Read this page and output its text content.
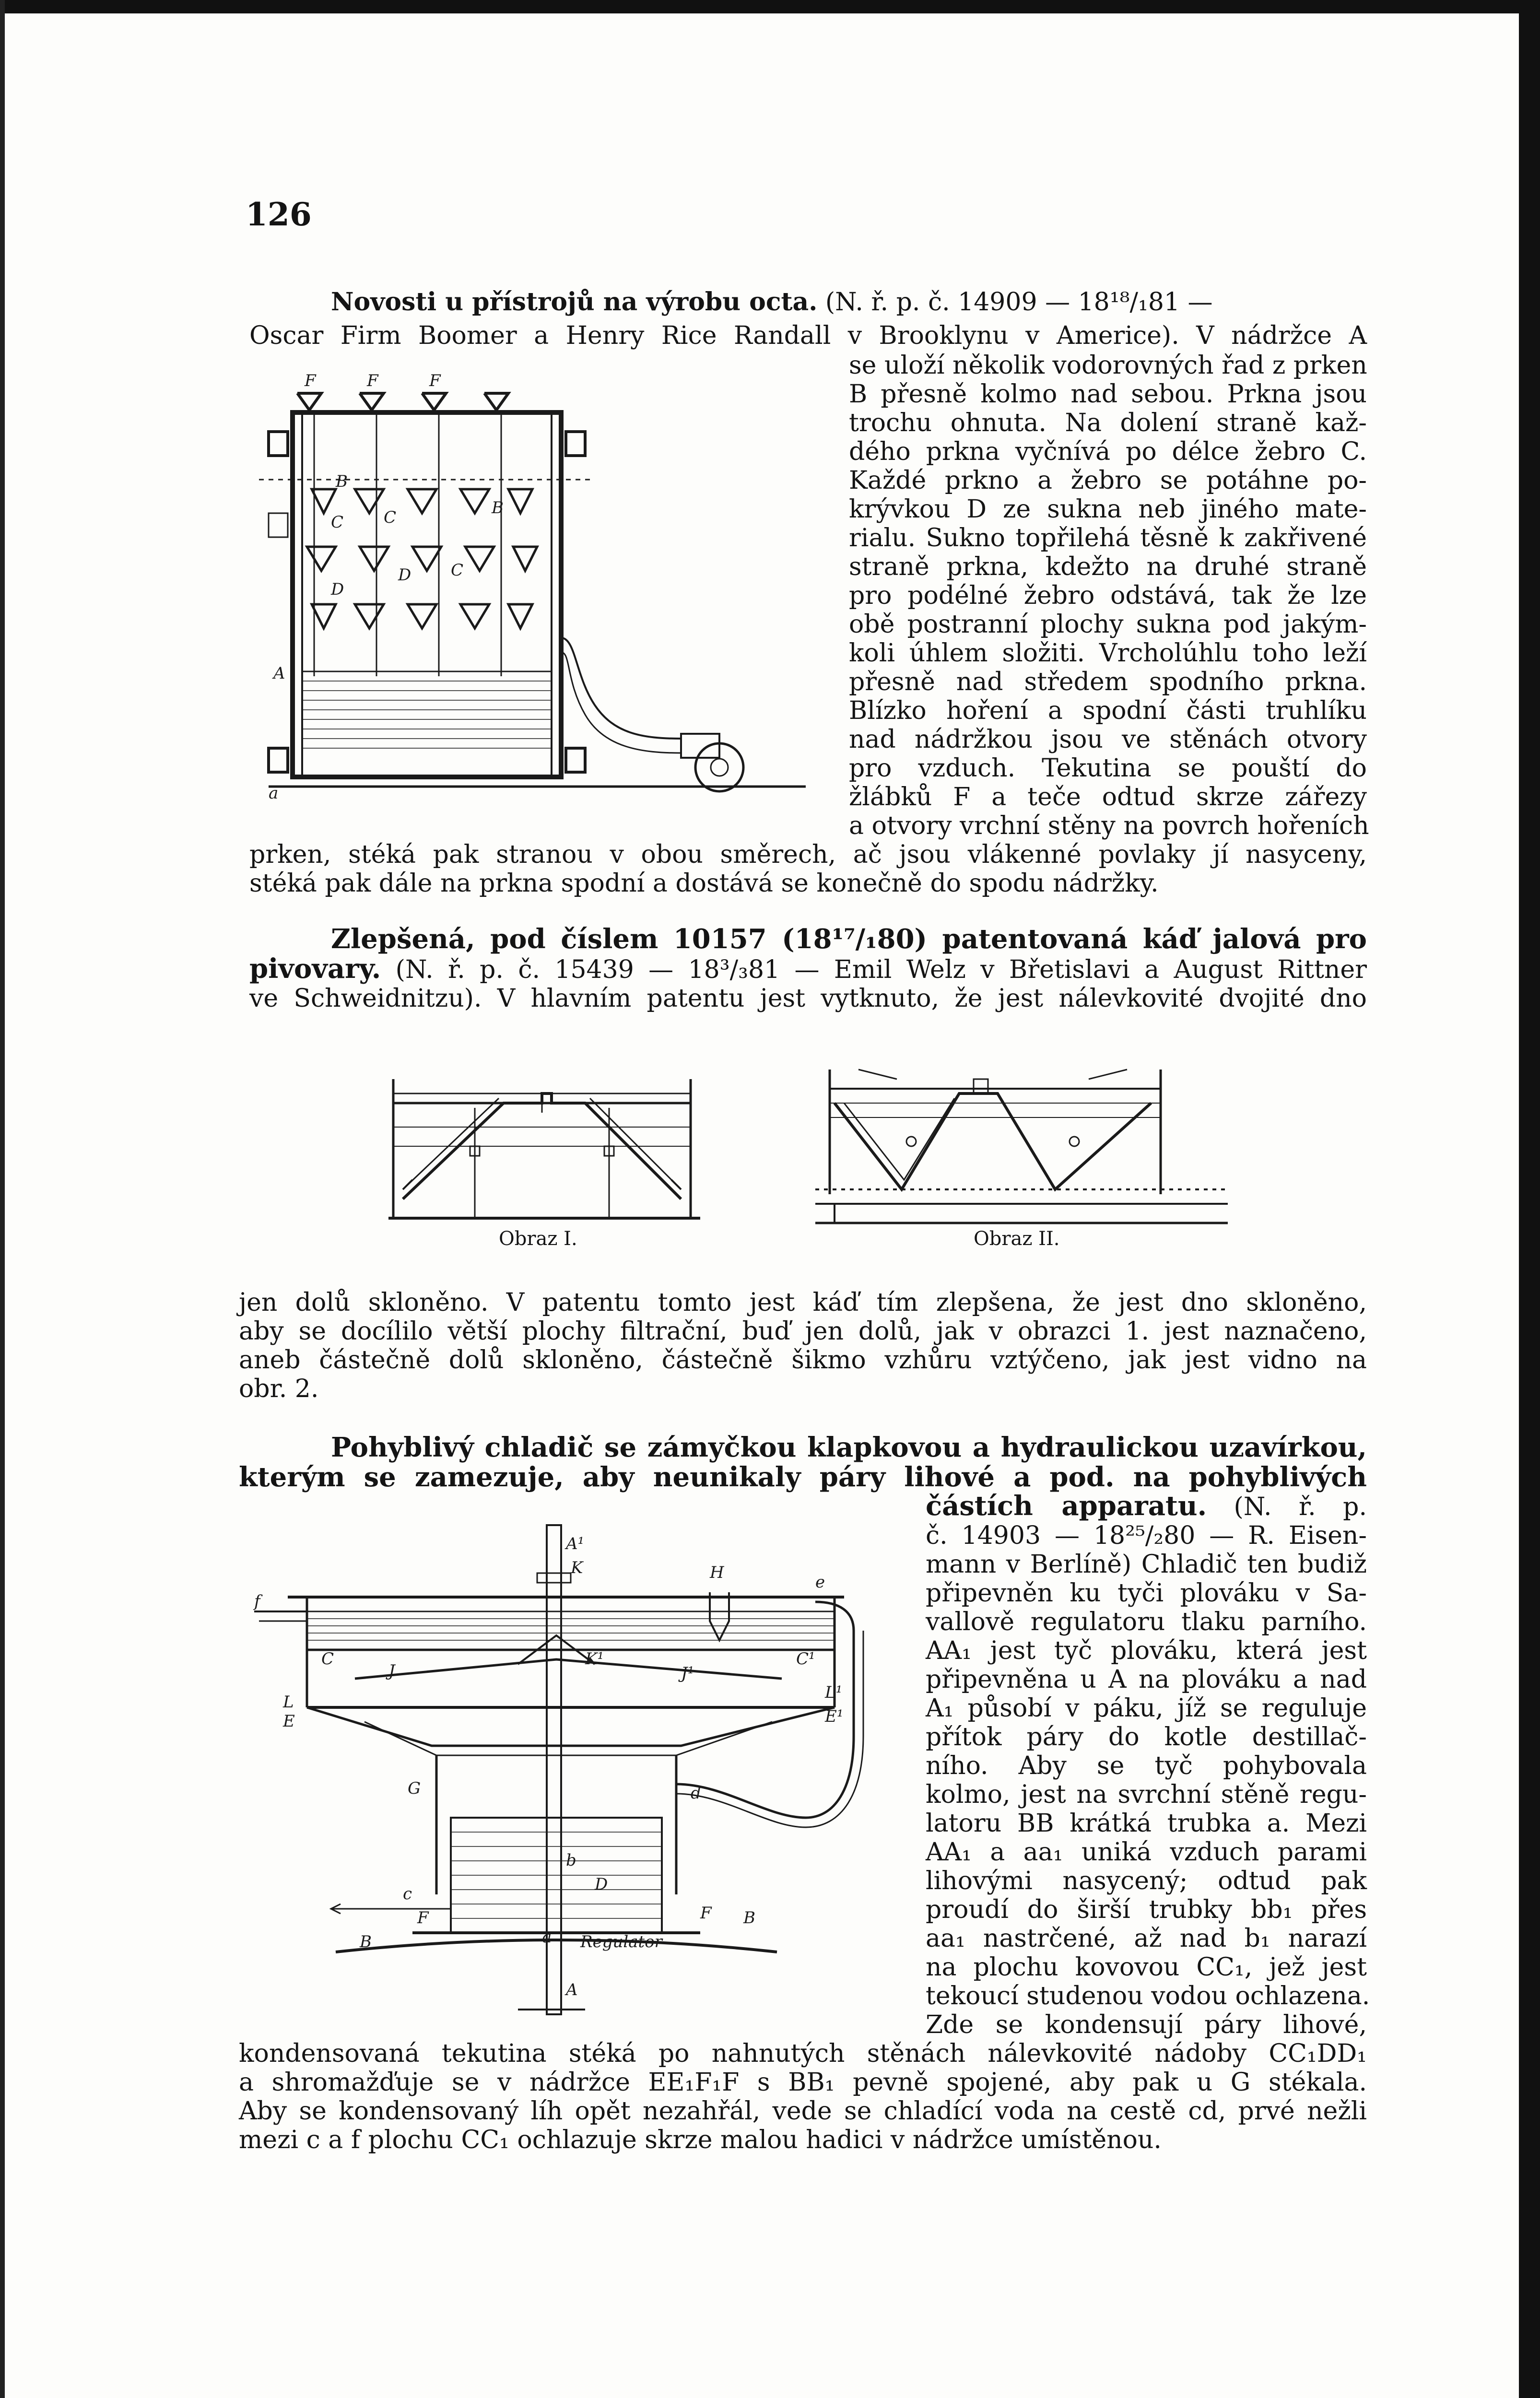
126
Novosti u přístrojů na výrobu octa. (N. ř. p. č. 14909 — 18¹⁸/₁81 —
Oscar Firm Boomer a Henry Rice Randall v Brooklynu v Americe). V nádržce A
se uloží několik vodorovných řad z prken
B přesně kolmo nad sebou. Prkna jsou
trochu ohnuta. Na dolení straně kaž-
dého prkna vyčnívá po délce žebro C.
Každé prkno a žebro se potáhne po-
krývkou D ze sukna neb jiného mate-
rialu. Sukno topřilehá těsně k zakřivené
straně prkna, kdežto na druhé straně
pro podélné žebro odstává, tak že lze
obě postranní plochy sukna pod jakým-
koli úhlem složiti. Vrcholúhlu toho leží
přesně nad středem spodního prkna.
Blízko hoření a spodní části truhlíku
nad nádržkou jsou ve stěnách otvory
pro vzduch. Tekutina se pouští do
žlábků F a teče odtud skrze zářezy
a otvory vrchní stěny na povrch hořeních
prken, stéká pak stranou v obou směrech, ač jsou vlákenné povlaky jí nasyceny,
stéká pak dále na prkna spodní a dostává se konečně do spodu nádržky.
F	F	F
B
C C	B
D C
D
A
a
Zlepšená, pod číslem 10157 (18¹⁷/₁80) patentovaná káď jalová pro
pivovary. (N. ř. p. č. 15439 — 18³/₃81 — Emil Welz v Břetislavi a August Rittner
ve Schweidnitzu). V hlavním patentu jest vytknuto, že jest nálevkovité dvojité dno
Obraz I.	Obraz II.
jen dolů skloněno. V patentu tomto jest káď tím zlepšena, že jest dno skloněno,
aby se docílilo větší plochy filtrační, buď jen dolů, jak v obrazci 1. jest naznačeno,
aneb částečně dolů skloněno, částečně šikmo vzhůru vztýčeno, jak jest vidno na
obr. 2.
Pohyblivý chladič se zámyčkou klapkovou a hydraulickou uzavírkou,
kterým se zamezuje, aby neunikaly páry lihové a pod. na pohyblivých
částích apparatu. (N. ř. p.
č. 14903 — 18²⁵/₂80 — R. Eisen-
mann v Berlíně) Chladič ten budiž
připevněn ku tyči plováku v Sa-
vallově regulatoru tlaku parního.
AA₁ jest tyč plováku, která jest
připevněna u A na plováku a nad
A₁ působí v páku, jíž se reguluje
přítok páry do kotle destillač-
ního. Aby se tyč pohybovala
kolmo, jest na svrchní stěně regu-
latoru BB krátká trubka a. Mezi
AA₁ a aa₁ uniká vzduch parami
lihovými nasycený; odtud pak
proudí do širší trubky bb₁ přes
aa₁ nastrčené, až nad b₁ narazí
na plochu kovovou CC₁, jež jest
tekoucí studenou vodou ochlazena.
Zde se kondensují páry lihové,
kondensovaná tekutina stéká po nahnutých stěnách nálevkovité nádoby CC₁DD₁
a shromažďuje se v nádržce EE₁F₁F s BB₁ pevně spojené, aby pak u G stékala.
Aby se kondensovaný líh opět nezahřál, vede se chladící voda na cestě cd, prvé nežli
mezi c a f plochu CC₁ ochlazuje skrze malou hadici v nádržce umístěnou.
A¹
K	H	e
f
C
J
K¹
J¹
C¹
L	L¹
E	E¹
G	d
b
D
c
F	F
B
B
a
A
Regulator
